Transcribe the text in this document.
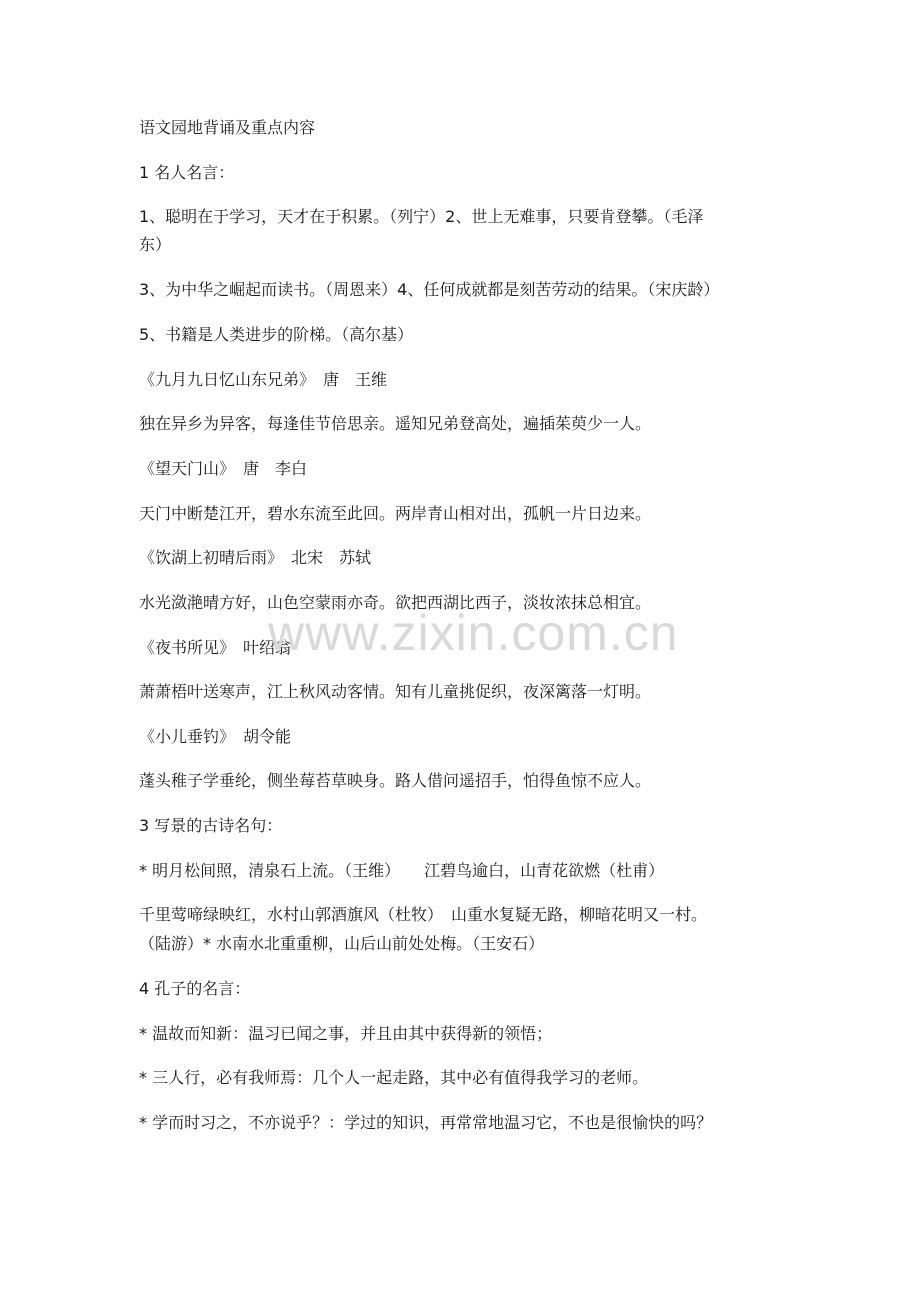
语文园地背诵及重点内容
1 名人名言：
1、聪明在于学习，天才在于积累。（列宁）2、世上无难事，只要肯登攀。（毛泽
东）
3、为中华之崛起而读书。（周恩来）4、任何成就都是刻苦劳动的结果。（宋庆龄）
5、书籍是人类进步的阶梯。（高尔基）
《九月九日忆山东兄弟》　唐　王维
独在异乡为异客，每逢佳节倍思亲。遥知兄弟登高处，遍插茱萸少一人。
《望天门山》　唐　李白
天门中断楚江开，碧水东流至此回。两岸青山相对出，孤帆一片日边来。
《饮湖上初晴后雨》　北宋　苏轼
水光潋滟晴方好，山色空蒙雨亦奇。欲把西湖比西子，淡妆浓抹总相宜。
《夜书所见》　叶绍翁
萧萧梧叶送寒声，江上秋风动客情。知有儿童挑促织，夜深篱落一灯明。
《小儿垂钓》　胡令能
蓬头稚子学垂纶，侧坐莓苔草映身。路人借问遥招手，怕得鱼惊不应人。
3 写景的古诗名句：
* 明月松间照，清泉石上流。（王维）　　江碧鸟逾白，山青花欲燃（杜甫）
千里莺啼绿映红，水村山郭酒旗风（杜牧）　山重水复疑无路，柳暗花明又一村。
（陆游）* 水南水北重重柳，山后山前处处梅。（王安石）
4 孔子的名言：
* 温故而知新：温习已闻之事，并且由其中获得新的领悟；
* 三人行，必有我师焉：几个人一起走路，其中必有值得我学习的老师。
* 学而时习之，不亦说乎？：学过的知识，再常常地温习它，不也是很愉快的吗？
www.zixin.com.cn
